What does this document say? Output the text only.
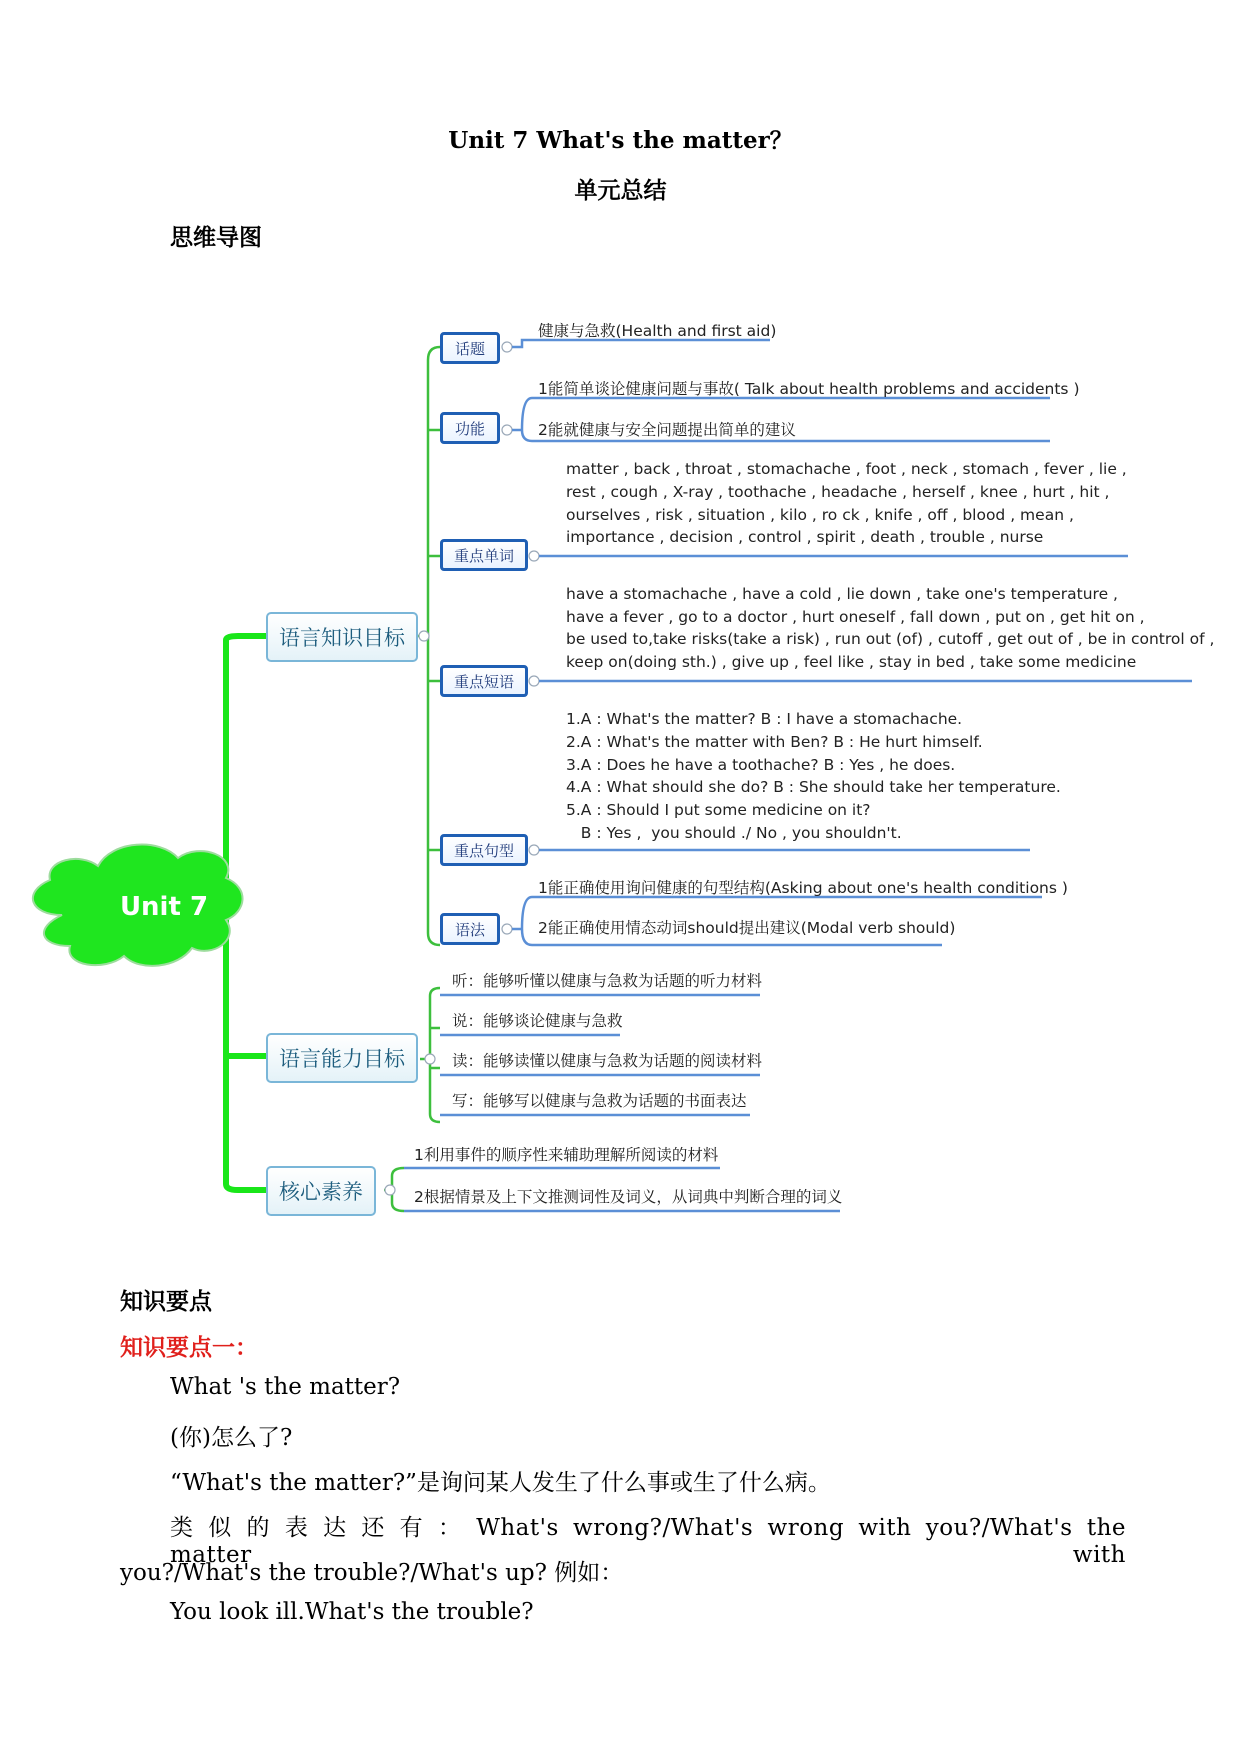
Unit 7 What's the matter？
单元总结
思维导图
Unit 7
语言知识目标
语言能力目标
核心素养
话题
功能
重点单词
重点短语
重点句型
语法
健康与急救(Health and first aid)
1能简单谈论健康问题与事故( Talk about health problems and accidents )
2能就健康与安全问题提出简单的建议
matter , back , throat , stomachache , foot , neck , stomach , fever , lie ,
rest , cough , X-ray , toothache , headache , herself , knee , hurt , hit ,
ourselves , risk , situation , kilo , ro ck , knife , off , blood , mean ,
importance , decision , control , spirit , death , trouble , nurse
have a stomachache , have a cold , lie down , take one's temperature ,
have a fever , go to a doctor , hurt oneself , fall down , put on , get hit on ,
be used to,take risks(take a risk) , run out (of) , cutoff , get out of , be in control of ,
keep on(doing sth.) , give up , feel like , stay in bed , take some medicine
1.A : What's the matter? B : I have a stomachache.
2.A : What's the matter with Ben? B : He hurt himself.
3.A : Does he have a toothache? B : Yes , he does.
4.A : What should she do? B : She should take her temperature.
5.A : Should I put some medicine on it?
B : Yes ,  you should ./ No , you shouldn't.
1能正确使用询问健康的句型结构(Asking about one's health conditions )
2能正确使用情态动词should提出建议(Modal verb should)
听：能够听懂以健康与急救为话题的听力材料
说：能够谈论健康与急救
读：能够读懂以健康与急救为话题的阅读材料
写：能够写以健康与急救为话题的书面表达
1利用事件的顺序性来辅助理解所阅读的材料
2根据情景及上下文推测词性及词义，从词典中判断合理的词义
知识要点
知识要点一：
What 's the matter?
(你)怎么了?
“What's the matter?”是询问某人发生了什么事或生了什么病。
类 似 的 表 达 还 有 ： What's wrong?/What's wrong with you?/What's the matter with
you?/What's the trouble?/What's up? 例如：
You look ill.What's the trouble?
